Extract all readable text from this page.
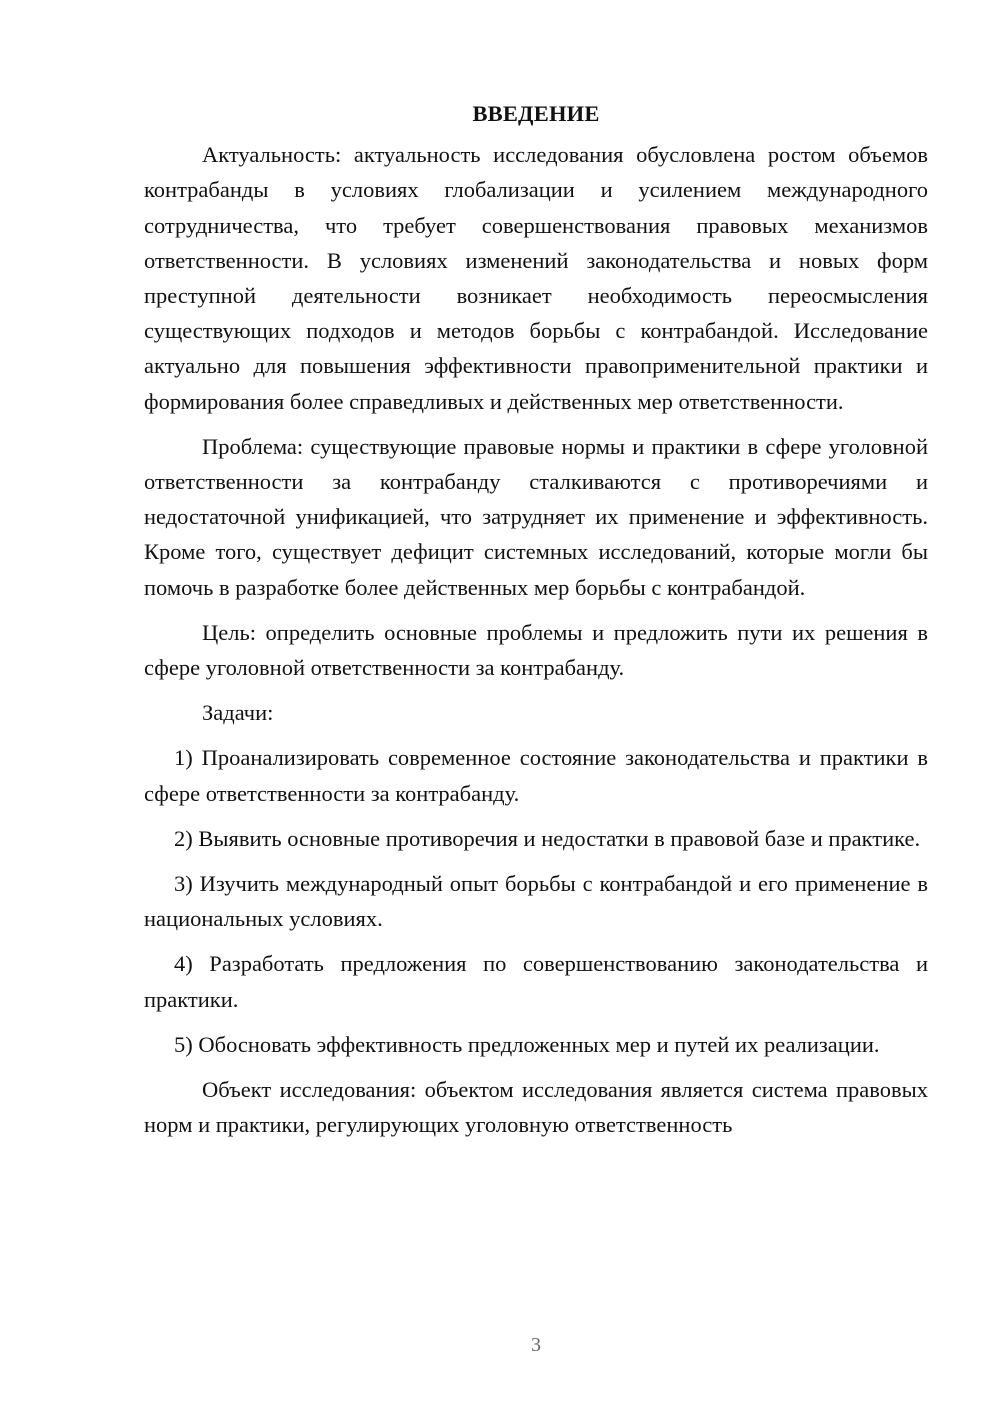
ВВЕДЕНИЕ

Актуальность: актуальность исследования обусловлена ростом объемов контрабанды в условиях глобализации и усилением международного сотрудничества, что требует совершенствования правовых механизмов ответственности. В условиях изменений законодательства и новых форм преступной деятельности возникает необходимость переосмысления существующих подходов и методов борьбы с контрабандой. Исследование актуально для повышения эффективности правоприменительной практики и формирования более справедливых и действенных мер ответственности.

Проблема: существующие правовые нормы и практики в сфере уголовной ответственности за контрабанду сталкиваются с противоречиями и недостаточной унификацией, что затрудняет их применение и эффективность. Кроме того, существует дефицит системных исследований, которые могли бы помочь в разработке более действенных мер борьбы с контрабандой.

Цель: определить основные проблемы и предложить пути их решения в сфере уголовной ответственности за контрабанду.

Задачи:

1) Проанализировать современное состояние законодательства и практики в сфере ответственности за контрабанду.

2) Выявить основные противоречия и недостатки в правовой базе и практике.

3) Изучить международный опыт борьбы с контрабандой и его применение в национальных условиях.

4) Разработать предложения по совершенствованию законодательства и практики.

5) Обосновать эффективность предложенных мер и путей их реализации.

Объект исследования: объектом исследования является система правовых норм и практики, регулирующих уголовную ответственность

3
